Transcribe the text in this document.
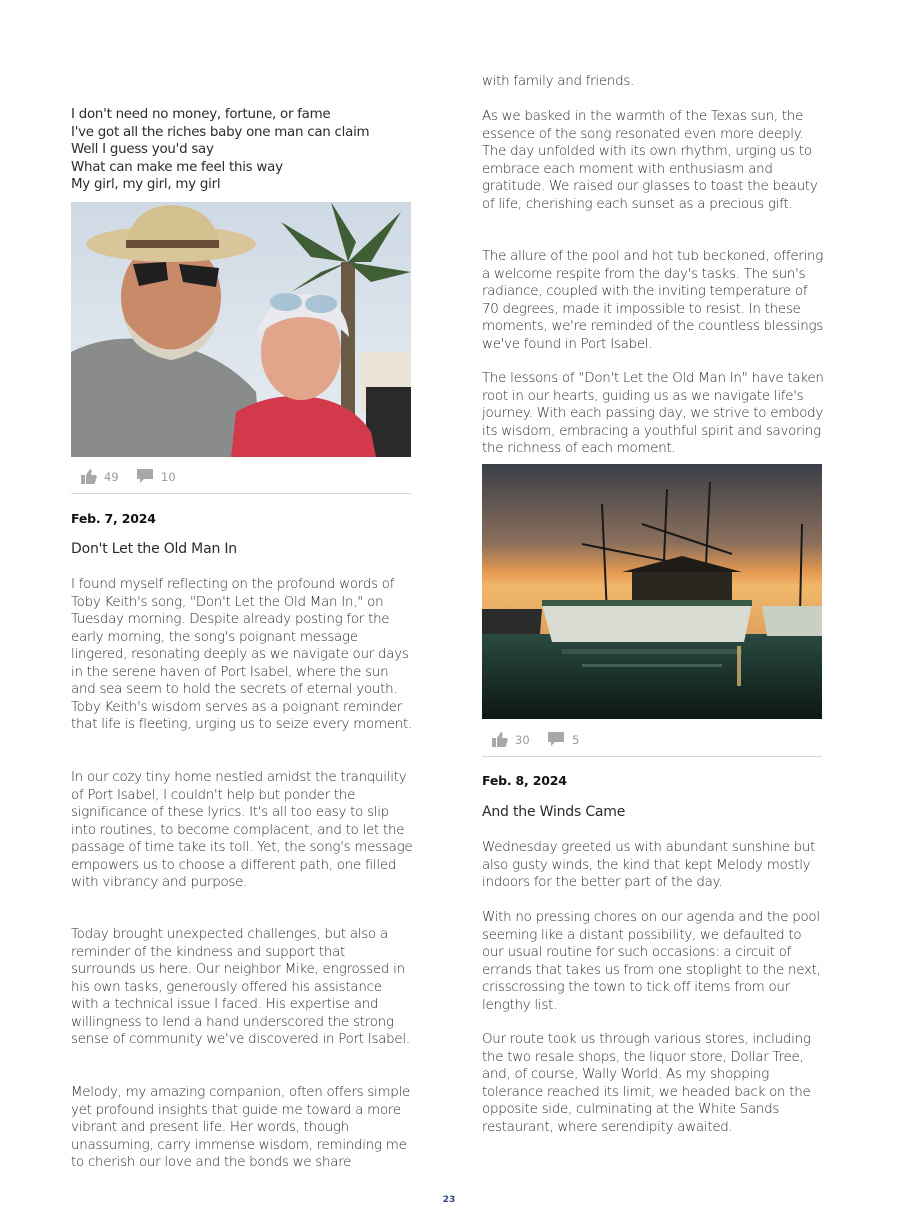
I don't need no money, fortune, or fame
I've got all the riches baby one man can claim
Well I guess you'd say
What can make me feel this way
My girl, my girl, my girl
49	10
Feb. 7, 2024
Don't Let the Old Man In

I found myself reflecting on the profound words of Toby Keith's song, "Don't Let the Old Man In," on Tuesday morning. Despite already posting for the early morning, the song's poignant message lingered, resonating deeply as we navigate our days in the serene haven of Port Isabel, where the sun and sea seem to hold the secrets of eternal youth. Toby Keith's wisdom serves as a poignant reminder that life is fleeting, urging us to seize every moment.

In our cozy tiny home nestled amidst the tranquility of Port Isabel, I couldn't help but ponder the significance of these lyrics. It's all too easy to slip into routines, to become complacent, and to let the passage of time take its toll. Yet, the song's message empowers us to choose a different path, one filled with vibrancy and purpose.

Today brought unexpected challenges, but also a reminder of the kindness and support that surrounds us here. Our neighbor Mike, engrossed in his own tasks, generously offered his assistance with a technical issue I faced. His expertise and willingness to lend a hand underscored the strong sense of community we've discovered in Port Isabel.

Melody, my amazing companion, often offers simple yet profound insights that guide me toward a more vibrant and present life. Her words, though unassuming, carry immense wisdom, reminding me to cherish our love and the bonds we share

with family and friends.

As we basked in the warmth of the Texas sun, the essence of the song resonated even more deeply. The day unfolded with its own rhythm, urging us to embrace each moment with enthusiasm and gratitude. We raised our glasses to toast the beauty of life, cherishing each sunset as a precious gift.

The allure of the pool and hot tub beckoned, offering a welcome respite from the day's tasks. The sun's radiance, coupled with the inviting temperature of 70 degrees, made it impossible to resist. In these moments, we're reminded of the countless blessings we've found in Port Isabel.

The lessons of "Don't Let the Old Man In" have taken root in our hearts, guiding us as we navigate life's journey. With each passing day, we strive to embody its wisdom, embracing a youthful spirit and savoring the richness of each moment.

30	5
Feb. 8, 2024
And the Winds Came

Wednesday greeted us with abundant sunshine but also gusty winds, the kind that kept Melody mostly indoors for the better part of the day.

With no pressing chores on our agenda and the pool seeming like a distant possibility, we defaulted to our usual routine for such occasions: a circuit of errands that takes us from one stoplight to the next, crisscrossing the town to tick off items from our lengthy list.

Our route took us through various stores, including the two resale shops, the liquor store, Dollar Tree, and, of course, Wally World. As my shopping tolerance reached its limit, we headed back on the opposite side, culminating at the White Sands restaurant, where serendipity awaited.

23
